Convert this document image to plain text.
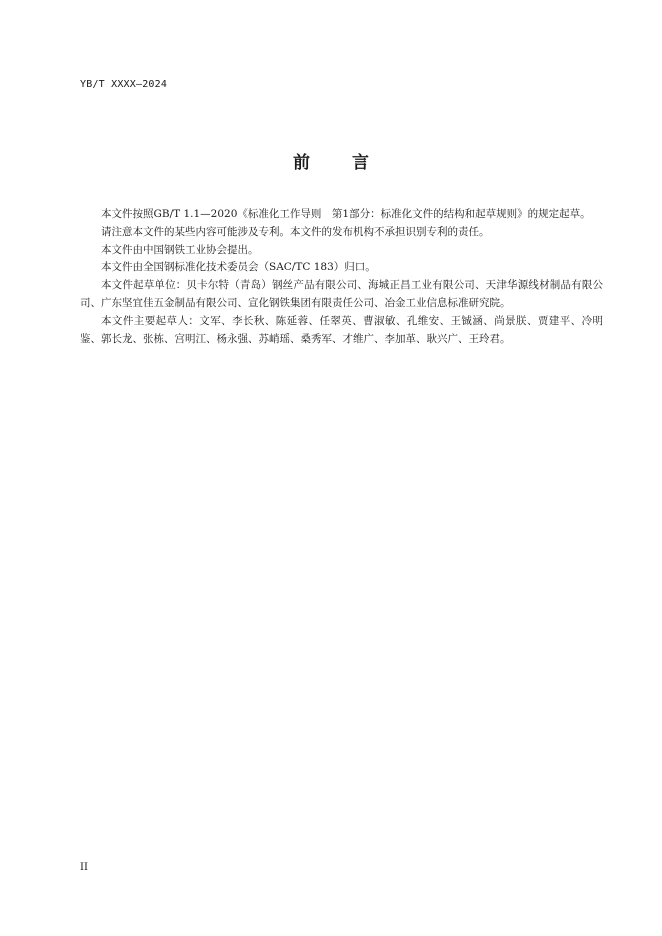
YB/T XXXX—2024
前 言

本文件按照GB/T 1.1—2020《标准化工作导则　第1部分：标准化文件的结构和起草规则》的规定起草。

请注意本文件的某些内容可能涉及专利。本文件的发布机构不承担识别专利的责任。

本文件由中国钢铁工业协会提出。

本文件由全国钢标准化技术委员会（SAC/TC 183）归口。

本文件起草单位：贝卡尔特（青岛）钢丝产品有限公司、海城正昌工业有限公司、天津华源线材制品有限公司、广东坚宜佳五金制品有限公司、宣化钢铁集团有限责任公司、冶金工业信息标准研究院。

本文件主要起草人：文军、李长秋、陈延蓉、任翠英、曹淑敏、孔维安、王铖涵、尚景朕、贾建平、冷明鉴、郭长龙、张栋、宫明江、杨永强、苏峭瑶、桑秀军、才维广、李加革、耿兴广、王玲君。

II
